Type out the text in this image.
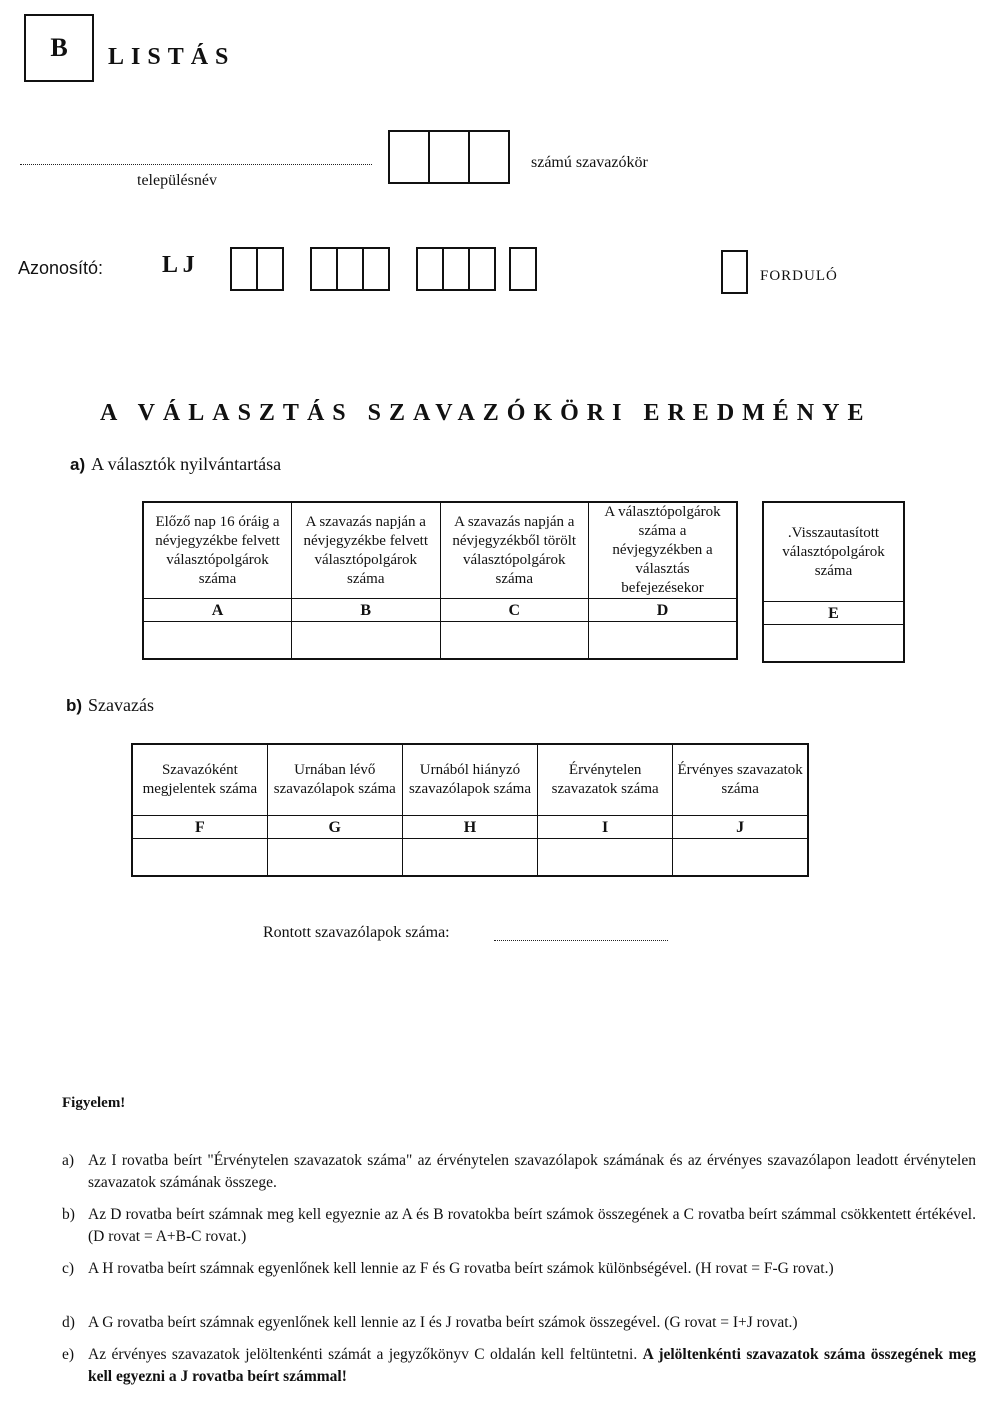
B LISTÁS
településnév
számú szavazókör
Azonosító: L J	FORDULÓ
A VÁLASZTÁS SZAVAZÓKÖRI EREDMÉNYE
a) A választók nyilvántartása
Előző nap 16 óráig a névjegyzékbe felvett választópolgárok száma	A szavazás napján a névjegyzékbe felvett választópolgárok száma	A szavazás napján a névjegyzékből törölt választópolgárok száma	A választópolgárok száma a névjegyzékben a választás befejezésekor
A	B	C	D

.Visszautasított választópolgárok száma
E

b) Szavazás
Szavazóként megjelentek száma	Urnában lévő szavazólapok száma	Urnából hiányzó szavazólapok száma	Érvénytelen szavazatok száma	Érvényes szavazatok száma
F	G	H	I	J

Rontott szavazólapok száma:
Figyelem!
a) Az I rovatba beírt "Érvénytelen szavazatok száma" az érvénytelen szavazólapok számának és az érvényes szavazólapon leadott érvénytelen szavazatok számának összege.
b) Az D rovatba beírt számnak meg kell egyeznie az A és B rovatokba beírt számok összegének a C rovatba beírt számmal csökkentett értékével. (D rovat = A+B-C rovat.)
c) A H rovatba beírt számnak egyenlőnek kell lennie az F és G rovatba beírt számok különbségével. (H rovat = F-G rovat.)
d) A G rovatba beírt számnak egyenlőnek kell lennie az I és J rovatba beírt számok összegével. (G rovat = I+J rovat.)
e) Az érvényes szavazatok jelöltenkénti számát a jegyzőkönyv C oldalán kell feltüntetni. A jelöltenkénti szavazatok száma összegének meg kell egyezni a J rovatba beírt számmal!
